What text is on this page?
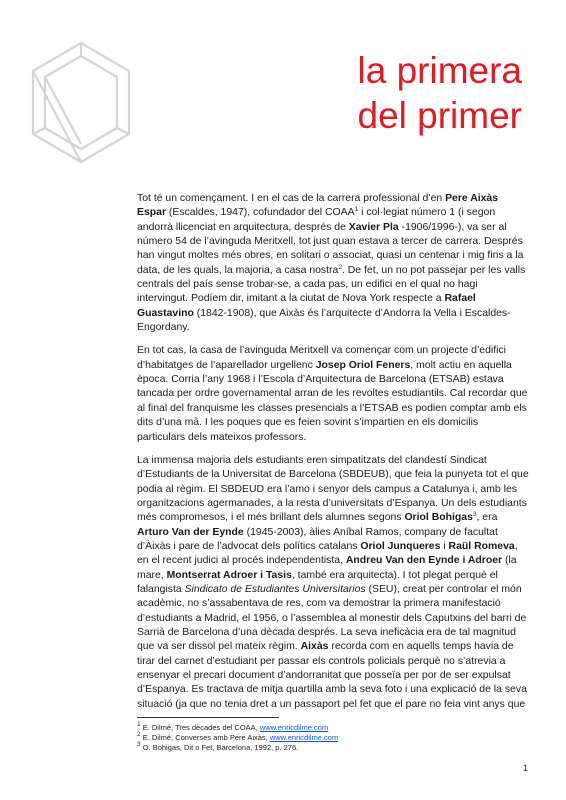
la primera
del primer

Tot té un començament. I en el cas de la carrera professional d’en Pere Aixàs Espar (Escaldes, 1947), cofundador del COAA$^1$ i col·legiat número 1 (i segon andorrà llicenciat en arquitectura, després de Xavier Pla -1906/1996-), va ser al número 54 de l’avinguda Meritxell, tot just quan estava a tercer de carrera. Després han vingut moltes més obres, en solitari o associat, quasi un centenar i mig fins a la data, de les quals, la majoria, a casa nostra$^2$. De fet, un no pot passejar per les valls centrals del país sense trobar-se, a cada pas, un edifici en el qual no hagi intervingut. Podíem dir, imitant a la ciutat de Nova York respecte a Rafael Guastavino (1842-1908), que Aixàs és l’arquitecte d’Andorra la Vella i Escaldes-Engordany.

En tot cas, la casa de l’avinguda Meritxell va començar com un projecte d’edifici d’habitatges de l’aparellador urgellenc Josep Oriol Feners, molt actiu en aquella època. Corria l’any 1968 i l’Escola d’Arquitectura de Barcelona (ETSAB) estava tancada per ordre governamental arran de les revoltes estudiantils. Cal recordar que al final del franquisme les classes presencials a l’ETSAB es podien comptar amb els dits d’una mà. I les poques que es feien sovint s’impartien en els domicilis particulars dels mateixos professors.

La immensa majoria dels estudiants eren simpatitzats del clandestí Sindicat d’Estudiants de la Universitat de Barcelona (SBDEUB), que feia la punyeta tot el que podia al règim. El SBDEUD era l’amo i senyor dels campus a Catalunya i, amb les organitzacions agermanades, a la resta d’universitats d’Espanya. Un dels estudiants més compromesos, i el més brillant dels alumnes segons Oriol Bohigas$^3$, era Arturo Van der Eynde (1945-2003), àlies Aníbal Ramos, company de facultat d’Àixàs i pare de l’advocat dels polítics catalans Oriol Junqueres i Raül Romeva, en el recent judici al procés independentista, Andreu Van den Eynde i Adroer (la mare, Montserrat Adroer i Tasis, també era arquitecta). I tot plegat perquè el falangista Sindicato de Estudiantes Universitarios (SEU), creat per controlar el món acadèmic, no s’assabentava de res, com va demostrar la primera manifestació d’estudiants a Madrid, el 1956, o l’assemblea al monestir dels Caputxins del barri de Sarrià de Barcelona d’una dècada després. La seva ineficàcia era de tal magnitud que va ser dissol pel mateix règim. Aixàs recorda com en aquells temps havia de tirar del carnet d’estudiant per passar els controls policials perquè no s’atrevia a ensenyar el precari document d’andorranitat que posseïa per por de ser expulsat d’Espanya. Es tractava de mitja quartilla amb la seva foto i una explicació de la seva situació (ja que no tenia dret a un passaport pel fet que el pare no feia vint anys que

$^1$ E. Dilmé, Tres dècades del COAA, www.enricdilme.com
$^2$ E. Dilmé, Converses amb Pere Aixàs, www.enricdilme.com
$^3$ O. Bohigas, Dit o Fet, Barcelona, 1992, p. 276.
1
